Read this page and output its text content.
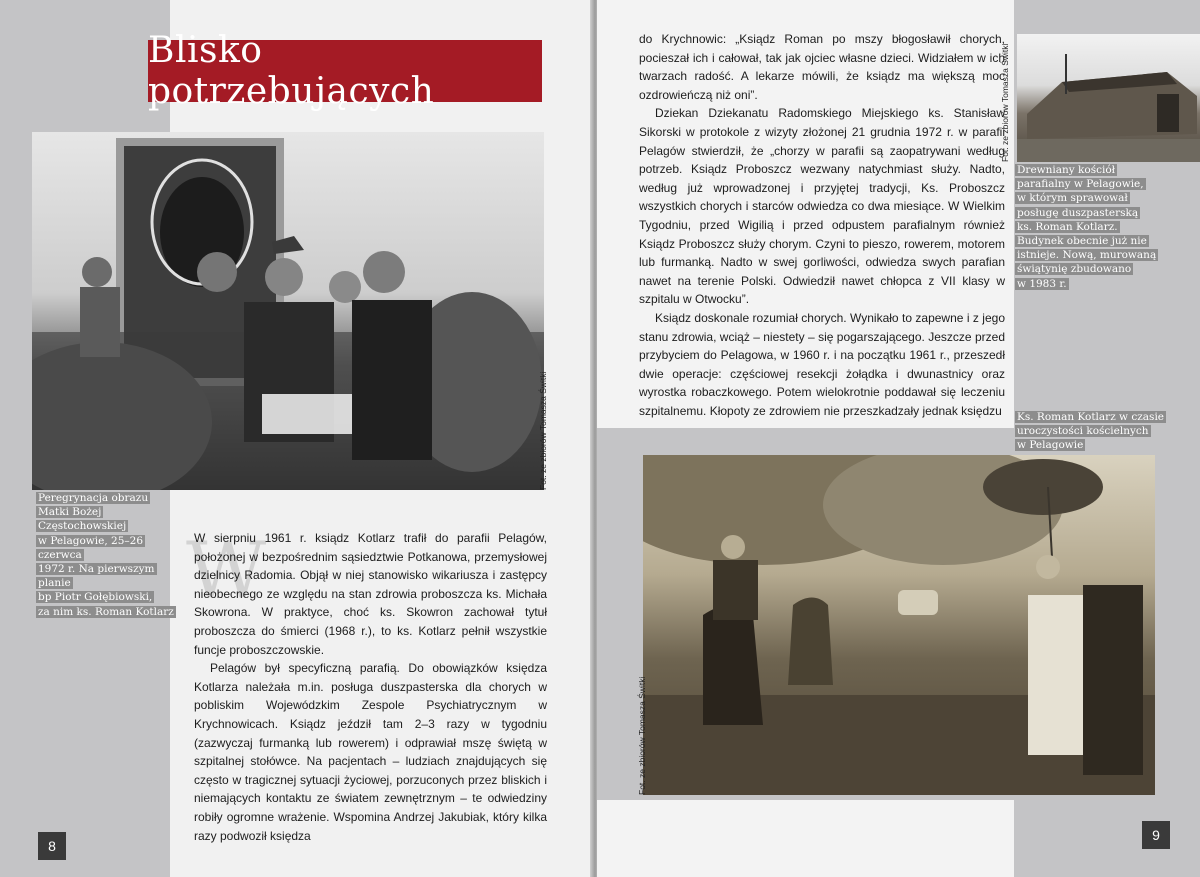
Blisko potrzebujących
Fot. ze zbiorów Tomasza Świtki
Peregrynacja obrazu
Matki Bożej Częstochowskiej
w Pelagowie, 25–26 czerwca
1972 r. Na pierwszym planie
bp Piotr Gołębiowski,
za nim ks. Roman Kotlarz W

W sierpniu 1961 r. ksiądz Kotlarz trafił do parafii Pelagów, położonej w bezpośrednim sąsiedztwie Potkanowa, przemysłowej dzielnicy Radomia. Objął w niej stanowisko wikariusza i zastępcy nieobecnego ze względu na stan zdrowia proboszcza ks. Michała Skowrona. W praktyce, choć ks. Skowron zachował tytuł proboszcza do śmierci (1968 r.), to ks. Kotlarz pełnił wszystkie funcje proboszczowskie.

Pelagów był specyficzną parafią. Do obowiązków księdza Kotlarza należała m.in. posługa duszpasterska dla chorych w pobliskim Wojewódzkim Zespole Psychiatrycznym w Krychnowicach. Ksiądz jeździł tam 2–3 razy w tygodniu (zazwyczaj furmanką lub rowerem) i odprawiał mszę świętą w szpitalnej stołówce. Na pacjentach – ludziach znajdujących się często w tragicznej sytuacji życiowej, porzuconych przez bliskich i niemających kontaktu ze światem zewnętrznym – te odwiedziny robiły ogromne wrażenie. Wspomina Andrzej Jakubiak, który kilka razy podwoził księdza

8

do Krychnowic: „Ksiądz Roman po mszy błogosławił chorych, pocieszał ich i całował, tak jak ojciec własne dzieci. Widziałem w ich twarzach radość. A lekarze mówili, że ksiądz ma większą moc ozdrowieńczą niż oni”.

Dziekan Dziekanatu Radomskiego Miejskiego ks. Stanisław Sikorski w protokole z wizyty złożonej 21 grudnia 1972 r. w parafii Pelagów stwierdził, że „chorzy w parafii są zaopatrywani według potrzeb. Ksiądz Proboszcz wezwany natychmiast służy. Nadto, według już wprowadzonej i przyjętej tradycji, Ks. Proboszcz wszystkich chorych i starców odwiedza co dwa miesiące. W Wielkim Tygodniu, przed Wigilią i przed odpustem parafialnym również Ksiądz Proboszcz służy chorym. Czyni to pieszo, rowerem, motorem lub furmanką. Nadto w swej gorliwości, odwiedza swych parafian nawet na terenie Polski. Odwiedził nawet chłopca z VII klasy w szpitalu w Otwocku”.

Ksiądz doskonale rozumiał chorych. Wynikało to zapewne i z jego stanu zdrowia, wciąż – niestety – się pogarszającego. Jeszcze przed przybyciem do Pelagowa, w 1960 r. i na początku 1961 r., przeszedł dwie operacje: częściowej resekcji żołądka i dwunastnicy oraz wyrostka robaczkowego. Potem wielokrotnie poddawał się leczeniu szpitalnemu. Kłopoty ze zdrowiem nie przeszkadzały jednak księdzu

Fot. ze zbiorów Tomasza Świtki
Drewniany kościół
parafialny w Pelagowie,
w którym sprawował
posługę duszpasterską
ks. Roman Kotlarz.
Budynek obecnie już nie
istnieje. Nową, murowaną
świątynię zbudowano
w 1983 r.
Ks. Roman Kotlarz w czasie
uroczystości kościelnych
w Pelagowie
Fot. ze zbiorów Tomasza Świtki
9
